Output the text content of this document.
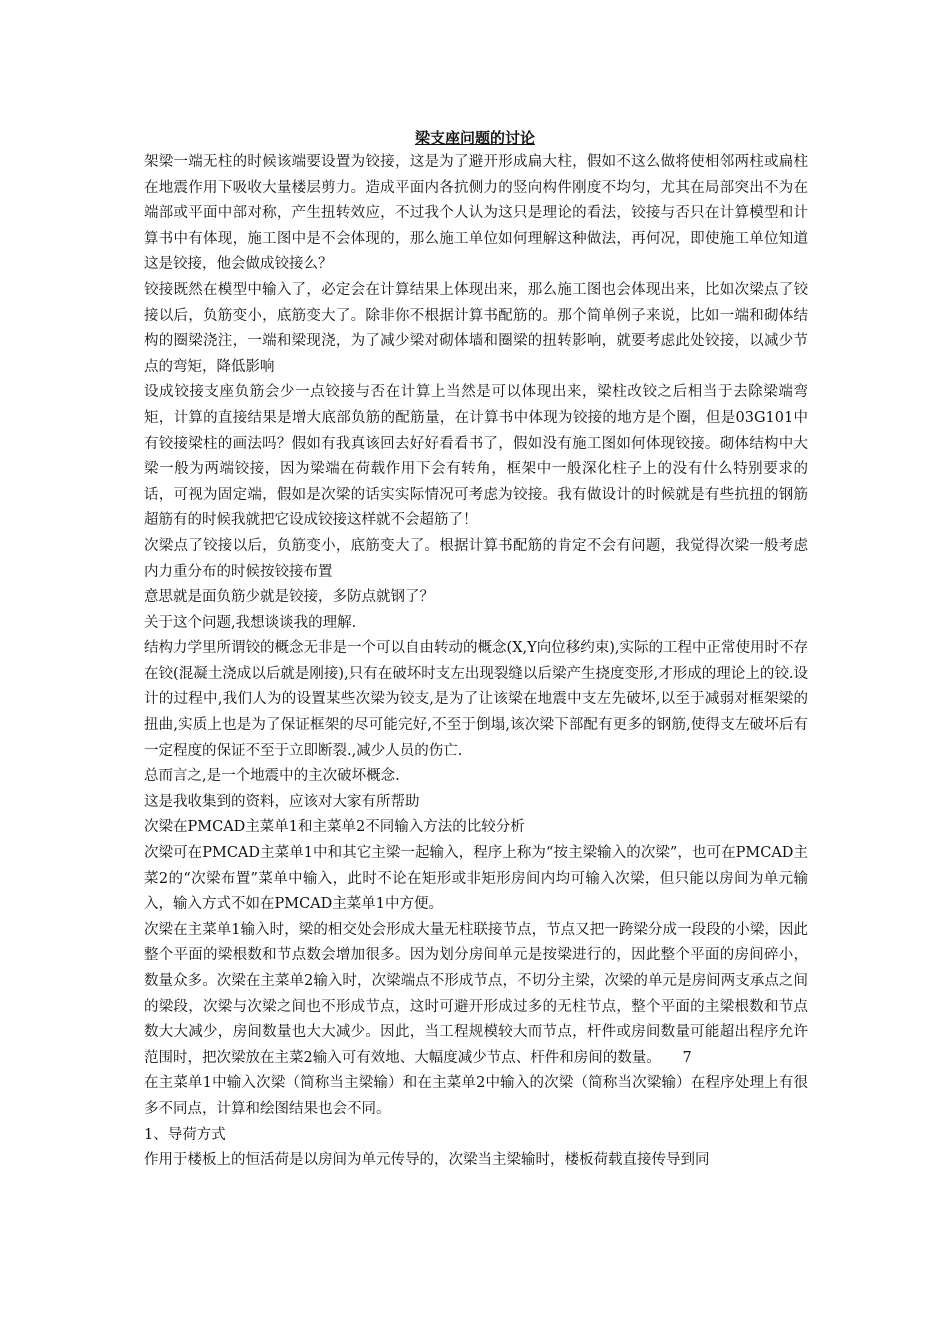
梁支座问题的讨论

架梁一端无柱的时候该端要设置为铰接，这是为了避开形成扁大柱，假如不这么做将使相邻两柱或扁柱在地震作用下吸收大量楼层剪力。造成平面内各抗侧力的竖向构件刚度不均匀，尤其在局部突出不为在端部或平面中部对称，产生扭转效应，不过我个人认为这只是理论的看法，铰接与否只在计算模型和计算书中有体现，施工图中是不会体现的，那么施工单位如何理解这种做法，再何况，即使施工单位知道这是铰接，他会做成铰接么？

铰接既然在模型中输入了，必定会在计算结果上体现出来，那么施工图也会体现出来，比如次梁点了铰接以后，负筋变小，底筋变大了。除非你不根据计算书配筋的。那个简单例子来说，比如一端和砌体结构的圈梁浇注，一端和梁现浇，为了减少梁对砌体墙和圈梁的扭转影响，就要考虑此处铰接，以减少节点的弯矩，降低影响

设成铰接支座负筋会少一点铰接与否在计算上当然是可以体现出来，梁柱改铰之后相当于去除梁端弯矩，计算的直接结果是增大底部负筋的配筋量，在计算书中体现为铰接的地方是个圈，但是03G101中有铰接梁柱的画法吗？假如有我真该回去好好看看书了，假如没有施工图如何体现铰接。砌体结构中大梁一般为两端铰接，因为梁端在荷载作用下会有转角，框架中一般深化柱子上的没有什么特别要求的话，可视为固定端，假如是次梁的话实实际情况可考虑为铰接。我有做设计的时候就是有些抗扭的钢筋超筋有的时候我就把它设成铰接这样就不会超筋了！

次梁点了铰接以后，负筋变小，底筋变大了。根据计算书配筋的肯定不会有问题，我觉得次梁一般考虑内力重分布的时候按铰接布置

意思就是面负筋少就是铰接，多防点就钢了？

关于这个问题,我想谈谈我的理解.

结构力学里所谓铰的概念无非是一个可以自由转动的概念(X,Y向位移约束),实际的工程中正常使用时不存在铰(混凝土浇成以后就是刚接),只有在破坏时支左出现裂缝以后梁产生挠度变形,才形成的理论上的铰.设计的过程中,我们人为的设置某些次梁为铰支,是为了让该梁在地震中支左先破坏,以至于减弱对框架梁的扭曲,实质上也是为了保证框架的尽可能完好,不至于倒塌,该次梁下部配有更多的钢筋,使得支左破坏后有一定程度的保证不至于立即断裂.,减少人员的伤亡.

总而言之,是一个地震中的主次破坏概念.

这是我收集到的资料，应该对大家有所帮助

次梁在PMCAD主菜单1和主菜单2不同输入方法的比较分析

次梁可在PMCAD主菜单1中和其它主梁一起输入，程序上称为“按主梁输入的次梁”，也可在PMCAD主菜2的“次梁布置”菜单中输入，此时不论在矩形或非矩形房间内均可输入次梁，但只能以房间为单元输入，输入方式不如在PMCAD主菜单1中方便。

次梁在主菜单1输入时，梁的相交处会形成大量无柱联接节点，节点又把一跨梁分成一段段的小梁，因此整个平面的梁根数和节点数会增加很多。因为划分房间单元是按梁进行的，因此整个平面的房间碎小，数量众多。次梁在主菜单2输入时，次梁端点不形成节点，不切分主梁，次梁的单元是房间两支承点之间的梁段，次梁与次梁之间也不形成节点，这时可避开形成过多的无柱节点，整个平面的主梁根数和节点数大大减少，房间数量也大大减少。因此，当工程规模较大而节点，杆件或房间数量可能超出程序允许范围时，把次梁放在主菜2输入可有效地、大幅度减少节点、杆件和房间的数量。　　7

在主菜单1中输入次梁（简称当主梁输）和在主菜单2中输入的次梁（简称当次梁输）在程序处理上有很多不同点，计算和绘图结果也会不同。

1、导荷方式

作用于楼板上的恒活荷是以房间为单元传导的，次梁当主梁输时，楼板荷载直接传导到同
